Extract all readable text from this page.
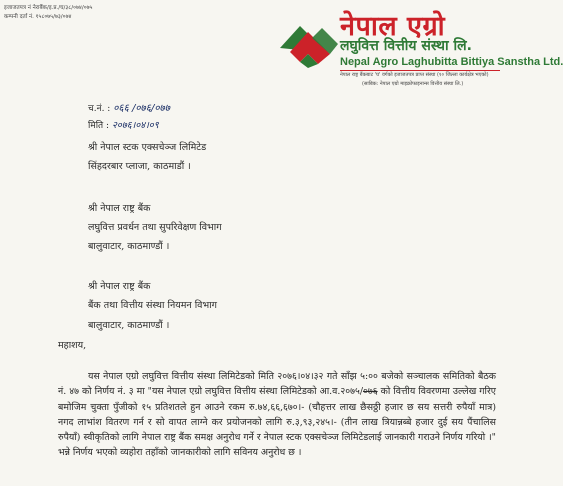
इजाजतपत्र नं नेराबैंक/इ.प्र./घ/३८/०७४/०७५
कम्पनी दर्ता नं. १५८०७५/७३/०७४	नेपाल एग्रो
लघुवित्त वित्तीय संस्था लि.
Nepal Agro Laghubitta Bittiya Sanstha Ltd.
नेपाल राष्ट्र बैंकबाट 'घ' वर्गको इजाजतपत्र प्राप्त संस्था (१० जिल्ला कार्यक्षेत्र भएको)
(साबिक: नेपाल एग्रो माइक्रोफाइनान्स वित्तीय संस्था लि.)
च.नं. : ०६६ /०७६/०७७
मिति : २०७६।०४।०९
श्री नेपाल स्टक एक्सचेञ्ज लिमिटेड
सिंहदरबार प्लाजा, काठमाडौं ।
श्री नेपाल राष्ट्र बैंक
लघुवित्त प्रवर्धन तथा सुपरिवेक्षण विभाग
बालुवाटार, काठमाण्डौं ।
श्री नेपाल राष्ट्र बैंक
बैंक तथा वित्तीय संस्था नियमन विभाग
बालुवाटार, काठमाण्डौं ।
महाशय,

यस नेपाल एग्रो लघुवित्त वित्तीय संस्था लिमिटेडको मिति २०७६।०४।३२ गते साँझ ५:०० बजेको सञ्चालक समितिको बैठक नं. ४७ को निर्णय नं. ३ मा "यस नेपाल एग्रो लघुवित्त वित्तीय संस्था लिमिटेडको आ.व.२०७५/०७६ को वित्तीय विवरणमा उल्लेख गरिए बमोजिम चुक्ता पुँजीको १५ प्रतिशतले हुन आउने रकम रु.७४,६६,६७०।- (चौहत्तर लाख छैसठ्ठी हजार छ सय सत्तरी रुपैयाँ मात्र) नगद लाभांश वितरण गर्न र सो वापत लाग्ने कर प्रयोजनको लागि रु.३,९३,२४५।- (तीन लाख त्रियान्नब्बे हजार दुई सय पैंचालिस रुपैयाँ) स्वीकृतिको लागि नेपाल राष्ट्र बैंक समक्ष अनुरोध गर्ने र नेपाल स्टक एक्सचेञ्ज लिमिटेडलाई जानकारी गराउने निर्णय गरियो ।" भन्ने निर्णय भएको व्यहोरा तहाँको जानकारीको लागि सविनय अनुरोध छ ।
